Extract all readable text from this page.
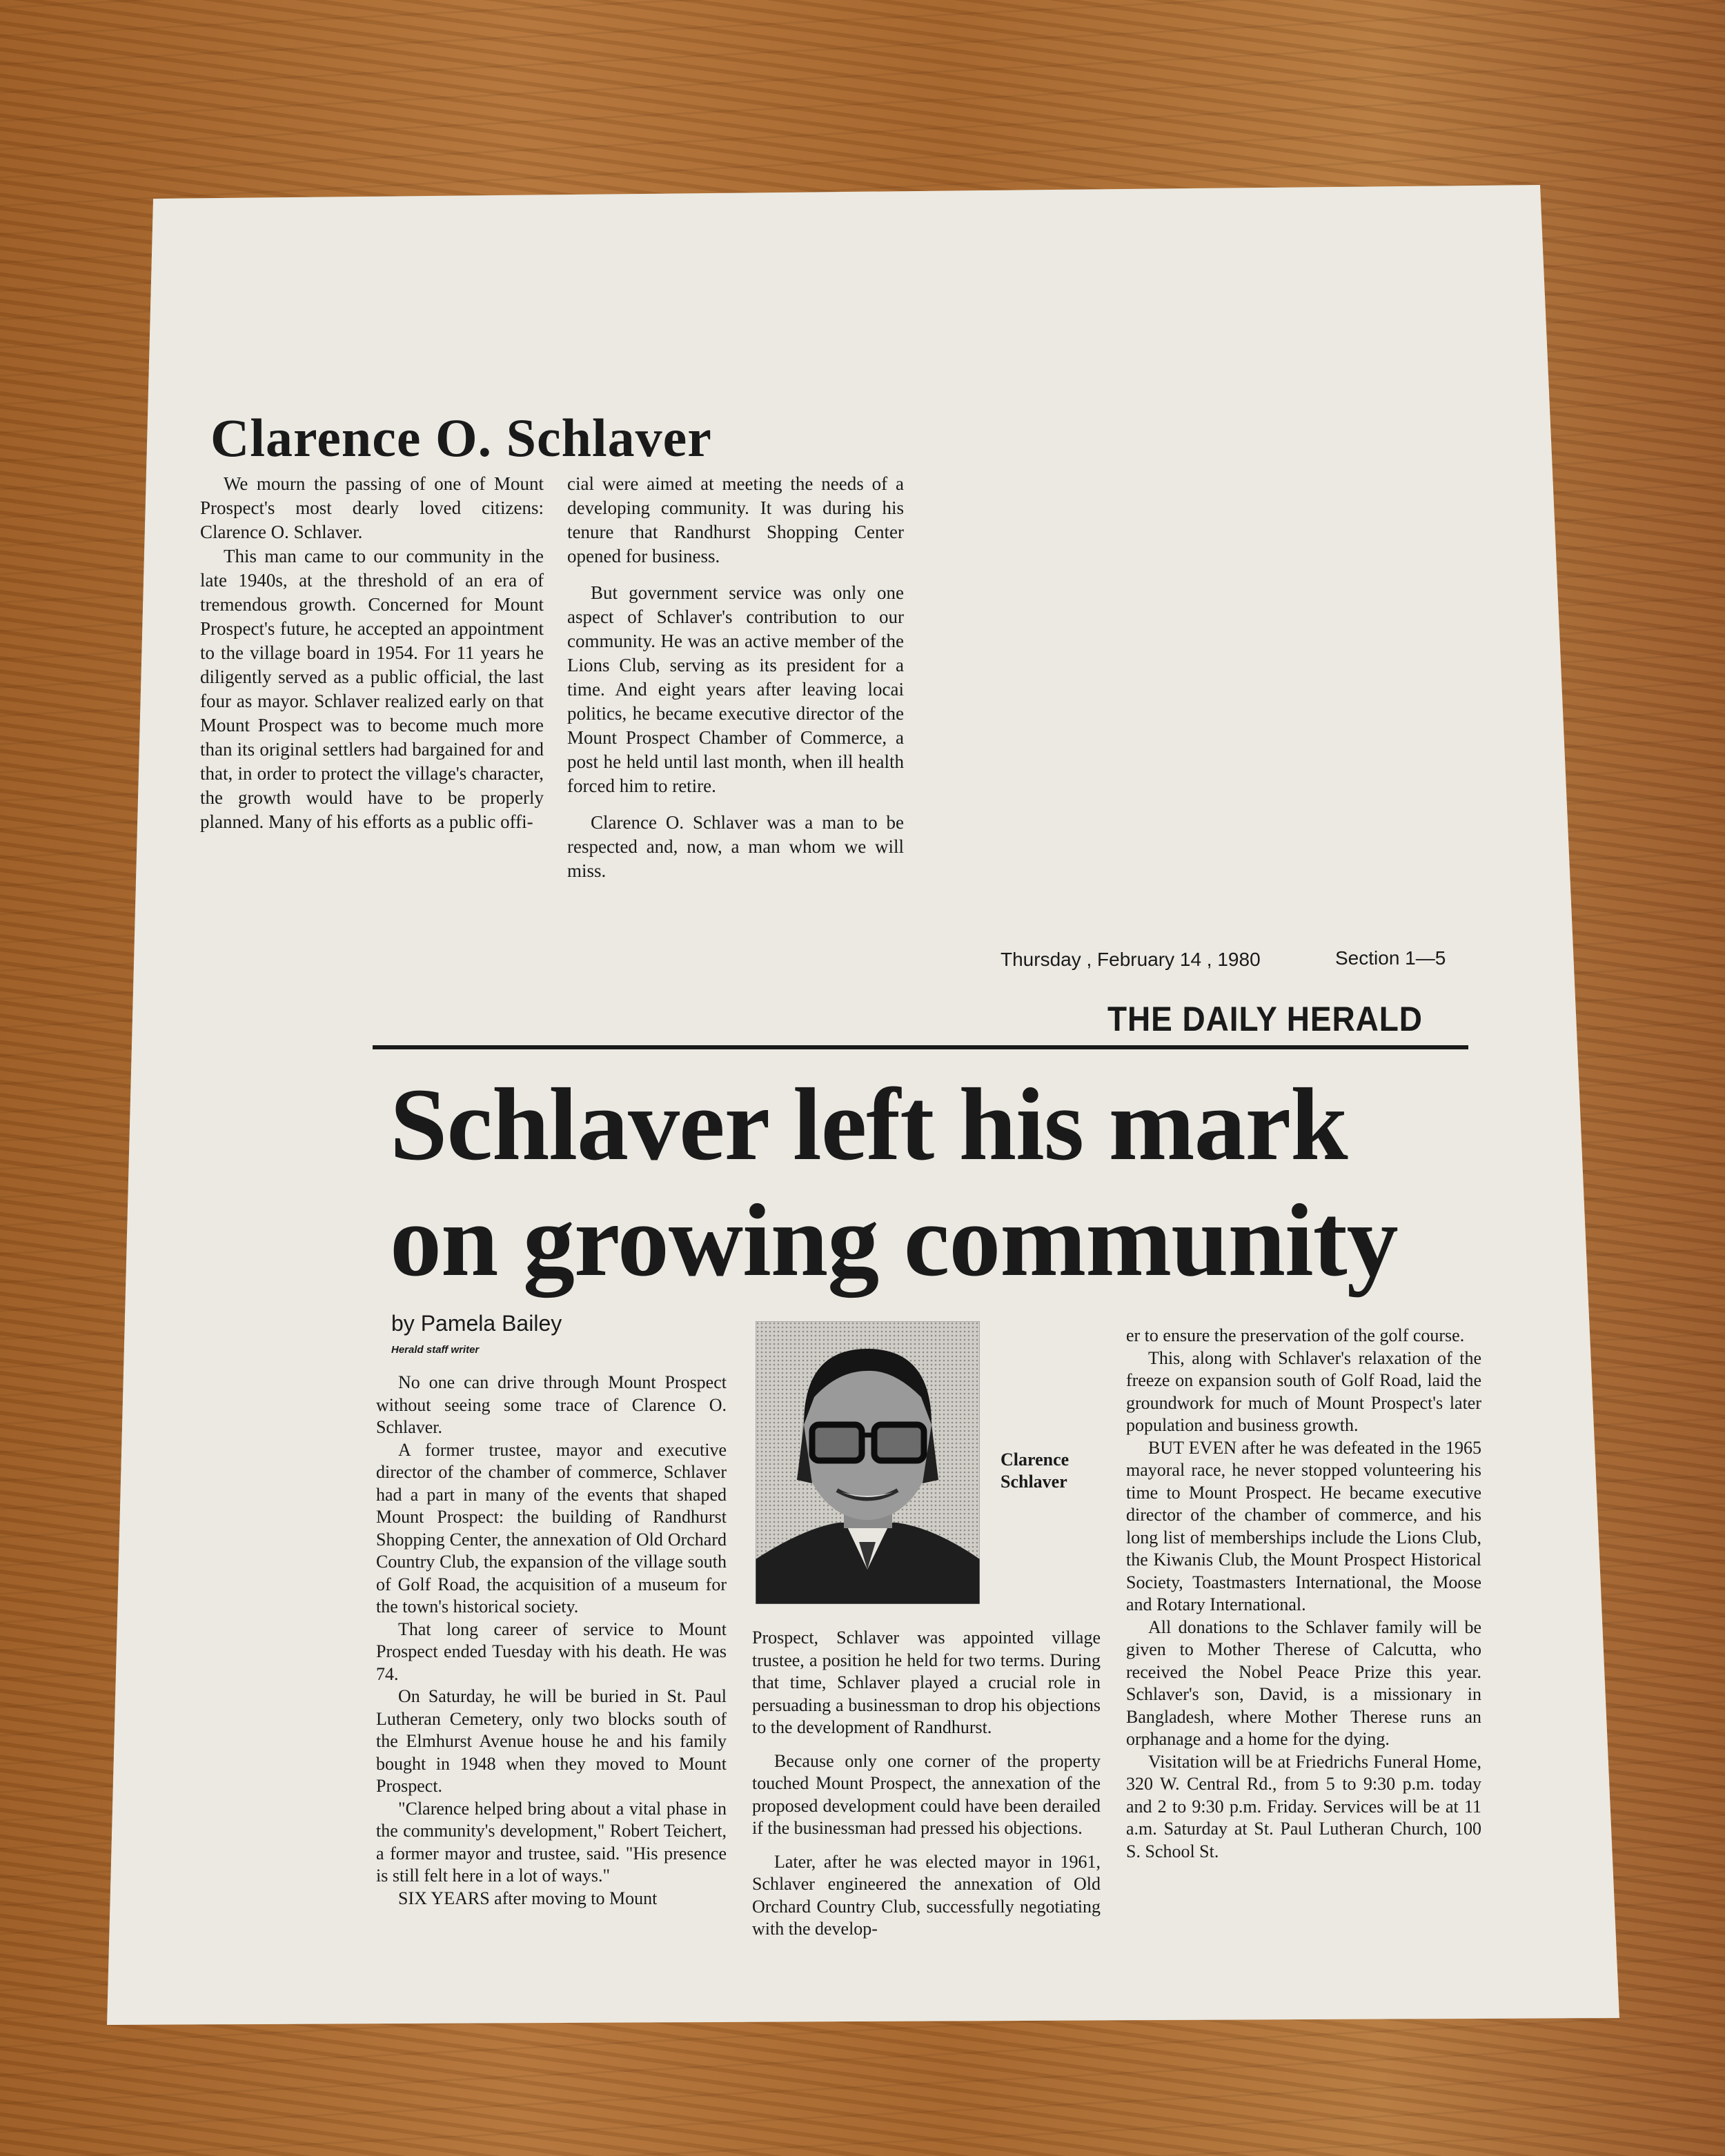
Clarence O. Schlaver

We mourn the passing of one of Mount Prospect's most dearly loved citizens: Clarence O. Schlaver.

This man came to our community in the late 1940s, at the threshold of an era of tremendous growth. Concerned for Mount Prospect's future, he accepted an appointment to the village board in 1954. For 11 years he diligently served as a public official, the last four as mayor. Schlaver realized early on that Mount Prospect was to become much more than its original settlers had bargained for and that, in order to protect the village's character, the growth would have to be properly planned. Many of his efforts as a public offi-

cial were aimed at meeting the needs of a developing community. It was during his tenure that Randhurst Shopping Center opened for business.

But government service was only one aspect of Schlaver's contribution to our community. He was an active member of the Lions Club, serving as its president for a time. And eight years after leaving locai politics, he became executive director of the Mount Prospect Chamber of Commerce, a post he held until last month, when ill health forced him to retire.

Clarence O. Schlaver was a man to be respected and, now, a man whom we will miss.

Thursday , February 14 , 1980	Section 1—5
THE DAILY HERALD
Schlaver left his mark
on growing community
by Pamela Bailey
Herald staff writer

No one can drive through Mount Prospect without seeing some trace of Clarence O. Schlaver.

A former trustee, mayor and executive director of the chamber of commerce, Schlaver had a part in many of the events that shaped Mount Prospect: the building of Randhurst Shopping Center, the annexation of Old Orchard Country Club, the expansion of the village south of Golf Road, the acquisition of a museum for the town's historical society.

That long career of service to Mount Prospect ended Tuesday with his death. He was 74.

On Saturday, he will be buried in St. Paul Lutheran Cemetery, only two blocks south of the Elmhurst Avenue house he and his family bought in 1948 when they moved to Mount Prospect.

"Clarence helped bring about a vital phase in the community's development," Robert Teichert, a former mayor and trustee, said. "His presence is still felt here in a lot of ways."

SIX YEARS after moving to Mount

Clarence
Schlaver

Prospect, Schlaver was appointed village trustee, a position he held for two terms. During that time, Schlaver played a crucial role in persuading a businessman to drop his objections to the development of Randhurst.

Because only one corner of the property touched Mount Prospect, the annexation of the proposed development could have been derailed if the businessman had pressed his objections.

Later, after he was elected mayor in 1961, Schlaver engineered the annexation of Old Orchard Country Club, successfully negotiating with the develop-

er to ensure the preservation of the golf course.

This, along with Schlaver's relaxation of the freeze on expansion south of Golf Road, laid the groundwork for much of Mount Prospect's later population and business growth.

BUT EVEN after he was defeated in the 1965 mayoral race, he never stopped volunteering his time to Mount Prospect. He became executive director of the chamber of commerce, and his long list of memberships include the Lions Club, the Kiwanis Club, the Mount Prospect Historical Society, Toastmasters International, the Moose and Rotary International.

All donations to the Schlaver family will be given to Mother Therese of Calcutta, who received the Nobel Peace Prize this year. Schlaver's son, David, is a missionary in Bangladesh, where Mother Therese runs an orphanage and a home for the dying.

Visitation will be at Friedrichs Funeral Home, 320 W. Central Rd., from 5 to 9:30 p.m. today and 2 to 9:30 p.m. Friday. Services will be at 11 a.m. Saturday at St. Paul Lutheran Church, 100 S. School St.
